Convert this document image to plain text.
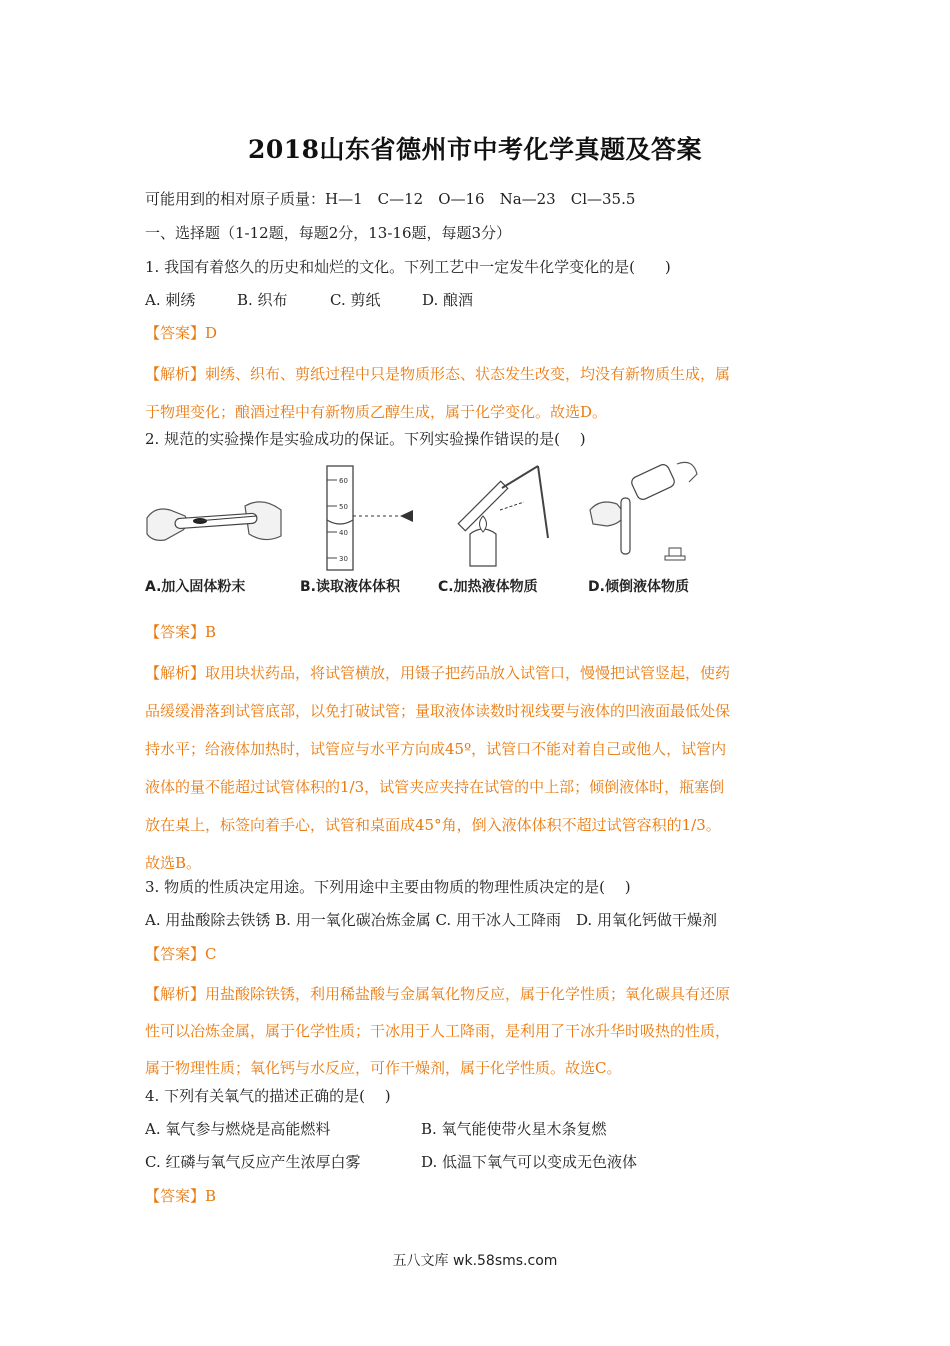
2018山东省德州市中考化学真题及答案
可能用到的相对原子质量：H—1　C—12　O—16　Na—23　Cl—35.5
一、选择题（1-12题，每题2分，13-16题，每题3分）
1. 我国有着悠久的历史和灿烂的文化。下列工艺中一定发牛化学变化的是(　　)
A. 刺绣	B. 织布	C. 剪纸	D. 酿酒
【答案】D
【解析】刺绣、织布、剪纸过程中只是物质形态、状态发生改变，均没有新物质生成，属
于物理变化；酿酒过程中有新物质乙醇生成，属于化学变化。故选D。
2. 规范的实验操作是实验成功的保证。下列实验操作错误的是(　 )
A.加入固体粉末
60
50
40
30
B.读取液体体积	C.加热液体物质	D.倾倒液体物质
【答案】B
【解析】取用块状药品，将试管横放，用镊子把药品放入试管口，慢慢把试管竖起，使药
品缓缓滑落到试管底部，以免打破试管；量取液体读数时视线要与液体的凹液面最低处保
持水平；给液体加热时，试管应与水平方向成45º，试管口不能对着自己或他人，试管内
液体的量不能超过试管体积的1/3，试管夹应夹持在试管的中上部；倾倒液体时，瓶塞倒
放在桌上，标签向着手心，试管和桌面成45°角，倒入液体体积不超过试管容积的1/3。
故选B。
3. 物质的性质决定用途。下列用途中主要由物质的物理性质决定的是(　 )
A. 用盐酸除去铁锈 B. 用一氧化碳冶炼金属 C. 用干冰人工降雨　D. 用氧化钙做干燥剂
【答案】C
【解析】用盐酸除铁锈，利用稀盐酸与金属氧化物反应，属于化学性质；氧化碳具有还原
性可以冶炼金属，属于化学性质；干冰用于人工降雨，是利用了干冰升华时吸热的性质，
属于物理性质；氧化钙与水反应，可作干燥剂，属于化学性质。故选C。
4. 下列有关氧气的描述正确的是(　 )
A. 氧气参与燃烧是高能燃料	B. 氧气能使带火星木条复燃
C. 红磷与氧气反应产生浓厚白雾	D. 低温下氧气可以变成无色液体
【答案】B
五八文库 wk.58sms.com
